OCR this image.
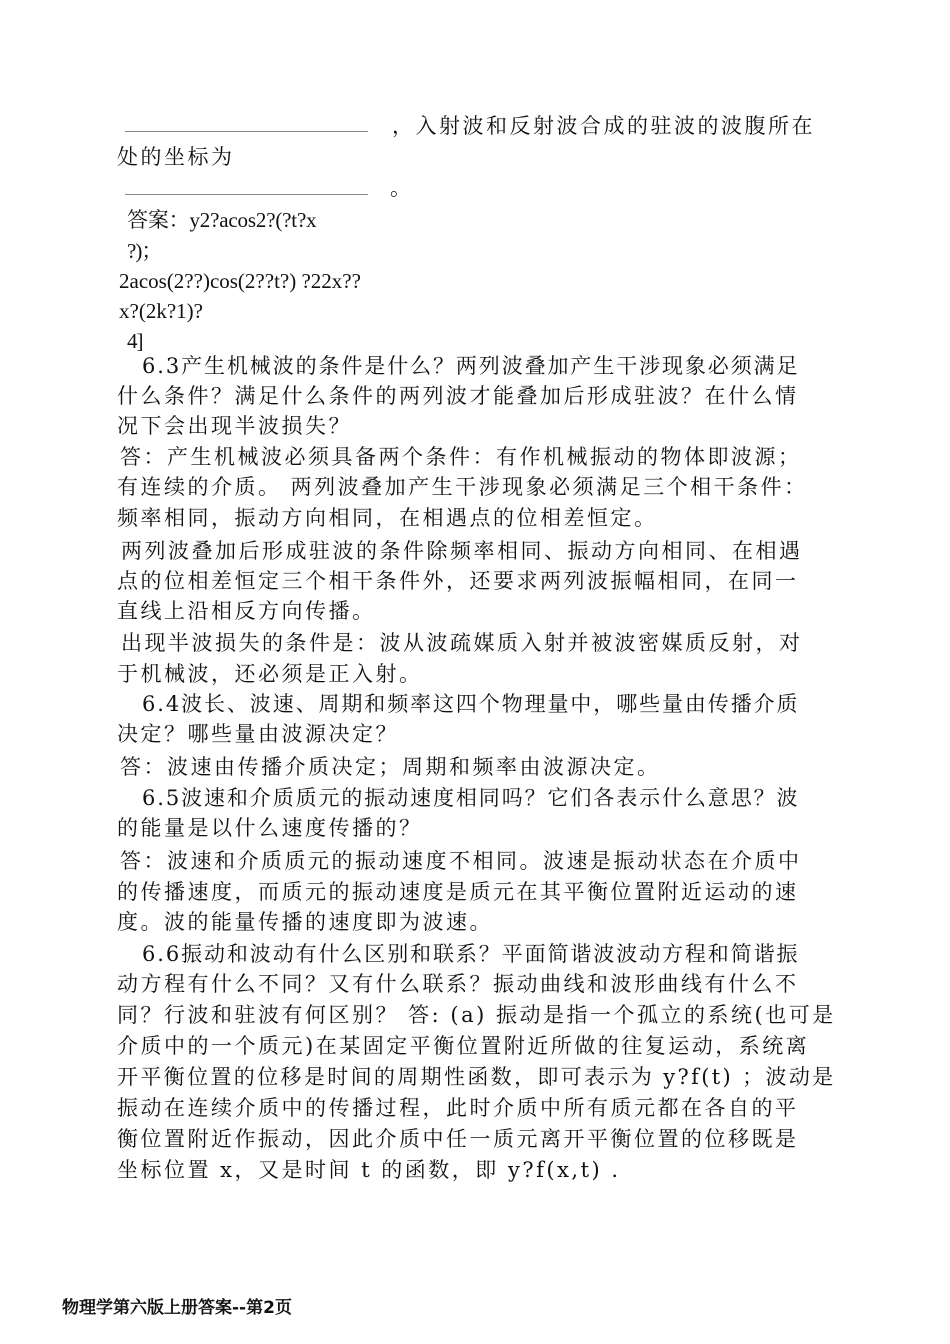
，入射波和反射波合成的驻波的波腹所在
处的坐标为
。
答案：y2?acos2?(?t?x
?)；
2acos(2??)cos(2??t?) ?22x??
x?(2k?1)?
4]
6.3产生机械波的条件是什么？两列波叠加产生干涉现象必须满足
什么条件？满足什么条件的两列波才能叠加后形成驻波？在什么情
况下会出现半波损失？
答：产生机械波必须具备两个条件：有作机械振动的物体即波源；
有连续的介质。 两列波叠加产生干涉现象必须满足三个相干条件：
频率相同，振动方向相同，在相遇点的位相差恒定。
两列波叠加后形成驻波的条件除频率相同、振动方向相同、在相遇
点的位相差恒定三个相干条件外，还要求两列波振幅相同，在同一
直线上沿相反方向传播。
出现半波损失的条件是：波从波疏媒质入射并被波密媒质反射，对
于机械波，还必须是正入射。
6.4波长、波速、周期和频率这四个物理量中，哪些量由传播介质
决定？哪些量由波源决定？
答：波速由传播介质决定；周期和频率由波源决定。
6.5波速和介质质元的振动速度相同吗？它们各表示什么意思？波
的能量是以什么速度传播的？
答：波速和介质质元的振动速度不相同。波速是振动状态在介质中
的传播速度，而质元的振动速度是质元在其平衡位置附近运动的速
度。波的能量传播的速度即为波速。
6.6振动和波动有什么区别和联系？平面简谐波波动方程和简谐振
动方程有什么不同？又有什么联系？振动曲线和波形曲线有什么不
同？行波和驻波有何区别？ 答: (a) 振动是指一个孤立的系统(也可是
介质中的一个质元)在某固定平衡位置附近所做的往复运动，系统离
开平衡位置的位移是时间的周期性函数，即可表示为 y?f(t) ；波动是
振动在连续介质中的传播过程，此时介质中所有质元都在各自的平
衡位置附近作振动，因此介质中任一质元离开平衡位置的位移既是
坐标位置 x，又是时间 t 的函数，即 y?f(x,t) .
物理学第六版上册答案--第2页
